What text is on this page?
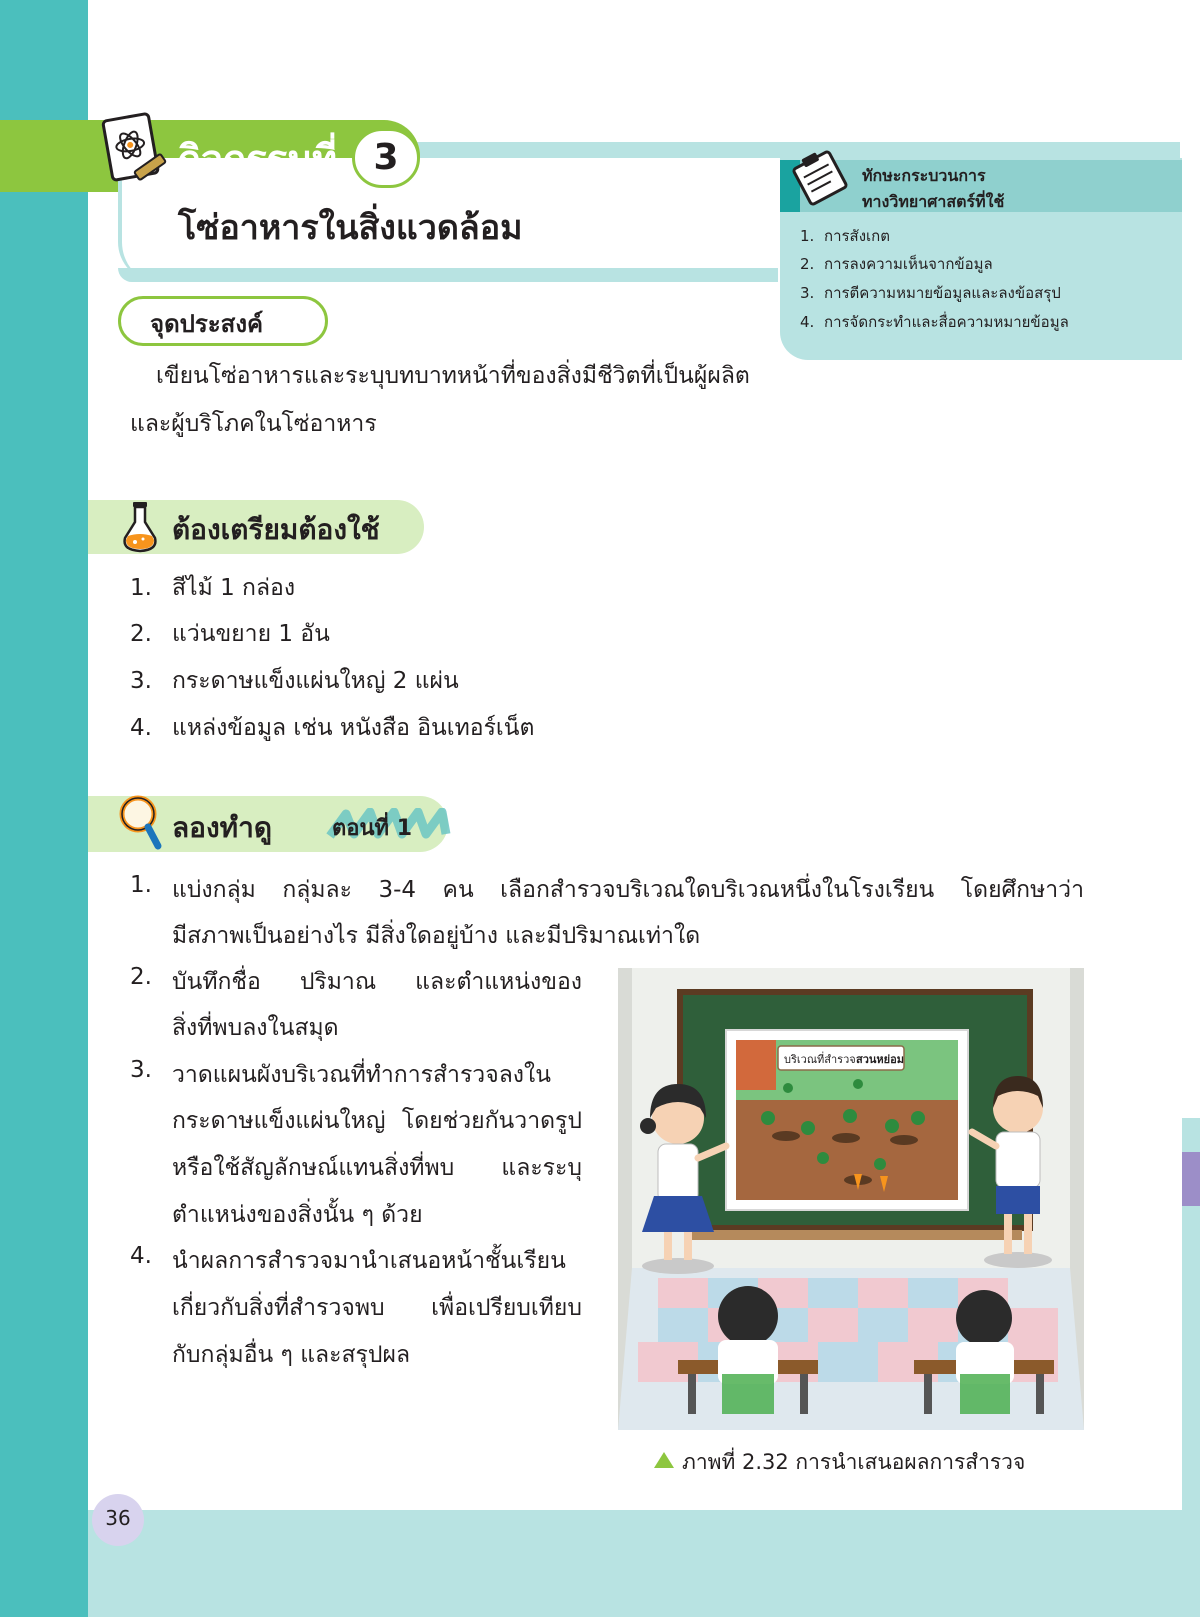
กิจกรรมที่	3
โซ่อาหารในสิ่งแวดล้อม
ทักษะกระบวนการ
ทางวิทยาศาสตร์ที่ใช้
1. การสังเกต
2. การลงความเห็นจากข้อมูล
3. การตีความหมายข้อมูลและลงข้อสรุป
4. การจัดกระทำและสื่อความหมายข้อมูล
จุดประสงค์
เขียนโซ่อาหารและระบุบทบาทหน้าที่ของสิ่งมีชีวิตที่เป็นผู้ผลิต
และผู้บริโภคในโซ่อาหาร
ต้องเตรียมต้องใช้
1. สีไม้ 1 กล่อง
2. แว่นขยาย 1 อัน
3. กระดาษแข็งแผ่นใหญ่ 2 แผ่น
4. แหล่งข้อมูล เช่น หนังสือ อินเทอร์เน็ต
ลองทำดู	ตอนที่ 1
1. แบ่งกลุ่ม กลุ่มละ 3-4 คน เลือกสำรวจบริเวณใดบริเวณหนึ่งในโรงเรียน โดยศึกษาว่า
มีสภาพเป็นอย่างไร มีสิ่งใดอยู่บ้าง และมีปริมาณเท่าใด
2. บันทึกชื่อ ปริมาณ และตำแหน่งของ
สิ่งที่พบลงในสมุด
3. วาดแผนผังบริเวณที่ทำการสำรวจลงใน
กระดาษแข็งแผ่นใหญ่ โดยช่วยกันวาดรูป
หรือใช้สัญลักษณ์แทนสิ่งที่พบ และระบุ
ตำแหน่งของสิ่งนั้น ๆ ด้วย
4. นำผลการสำรวจมานำเสนอหน้าชั้นเรียน
เกี่ยวกับสิ่งที่สำรวจพบ เพื่อเปรียบเทียบ
กับกลุ่มอื่น ๆ และสรุปผล
บริเวณที่สำรวจ สวนหย่อม
ภาพที่ 2.32 การนำเสนอผลการสำรวจ
36
